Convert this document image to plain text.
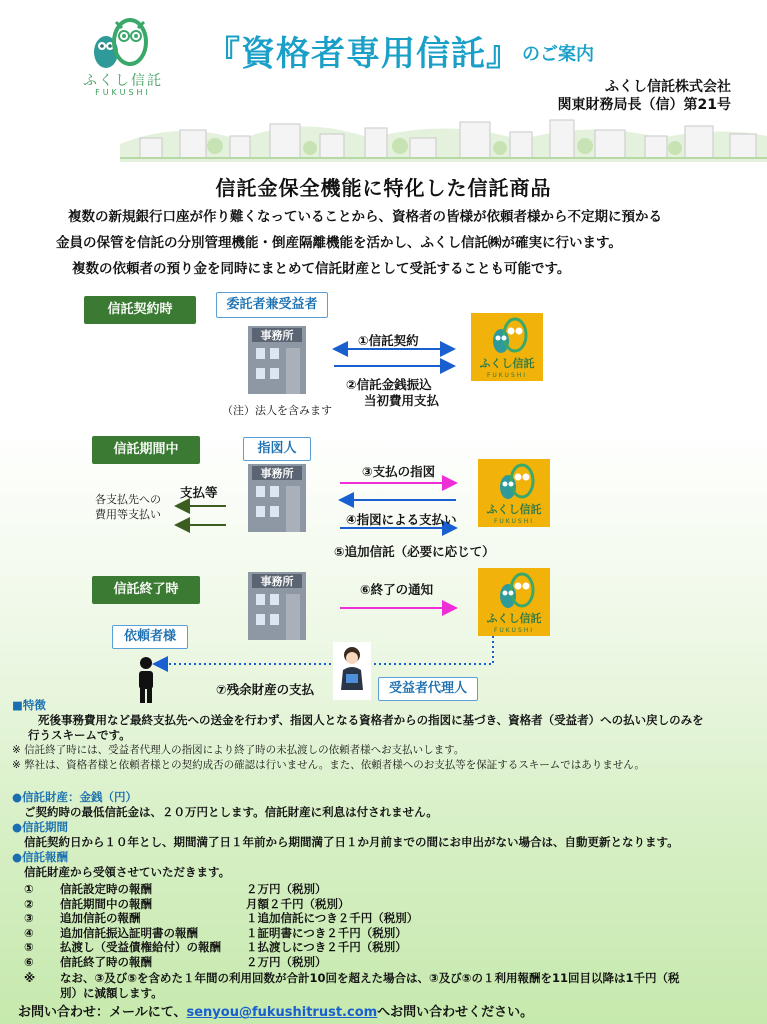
ふくし信託
FUKUSHI
『資格者専用信託』 のご案内
ふくし信託株式会社
関東財務局長（信）第21号
信託金保全機能に特化した信託商品

複数の新規銀行口座が作り難くなっていることから、資格者の皆様が依頼者様から不定期に預かる

金員の保管を信託の分別管理機能・倒産隔離機能を活かし、ふくし信託㈱が確実に行います。

複数の依頼者の預り金を同時にまとめて信託財産として受託することも可能です。

信託契約時	委託者兼受益者
事務所
（注）法人を含みます
①信託契約
②信託金銭振込
当初費用支払
ふくし信託
FUKUSHI
信託期間中	指図人
事務所
支払等
各支払先への
費用等支払い
③支払の指図
④指図による支払い
⑤追加信託（必要に応じて）
ふくし信託
FUKUSHI
信託終了時
事務所
⑥終了の通知
ふくし信託
FUKUSHI
依頼者様
⑦残余財産の支払	受益者代理人
■特徴
死後事務費用など最終支払先への送金を行わず、指図人となる資格者からの指図に基づき、資格者（受益者）への払い戻しのみを
行うスキームです。
※ 信託終了時には、受益者代理人の指図により終了時の未払渡しの依頼者様へお支払いします。
※ 弊社は、資格者様と依頼者様との契約成否の確認は行いません。また、依頼者様へのお支払等を保証するスキームではありません。
●信託財産：金銭（円）
ご契約時の最低信託金は、２０万円とします。信託財産に利息は付されません。
●信託期間
信託契約日から１０年とし、期間満了日１年前から期間満了日１か月前までの間にお申出がない場合は、自動更新となります。
●信託報酬
信託財産から受領させていただきます。
①	信託設定時の報酬	２万円（税別）
②	信託期間中の報酬	月額２千円（税別）
③	追加信託の報酬	１追加信託につき２千円（税別）
④	追加信託振込証明書の報酬	１証明書につき２千円（税別）
⑤	払渡し（受益債権給付）の報酬	１払渡しにつき２千円（税別）
⑥	信託終了時の報酬	２万円（税別）
※	なお、③及び⑤を含めた１年間の利用回数が合計10回を超えた場合は、③及び⑤の１利用報酬を11回目以降は1千円（税
別）に減額します。
お問い合わせ：メールにて、senyou@fukushitrust.comへお問い合わせください。
